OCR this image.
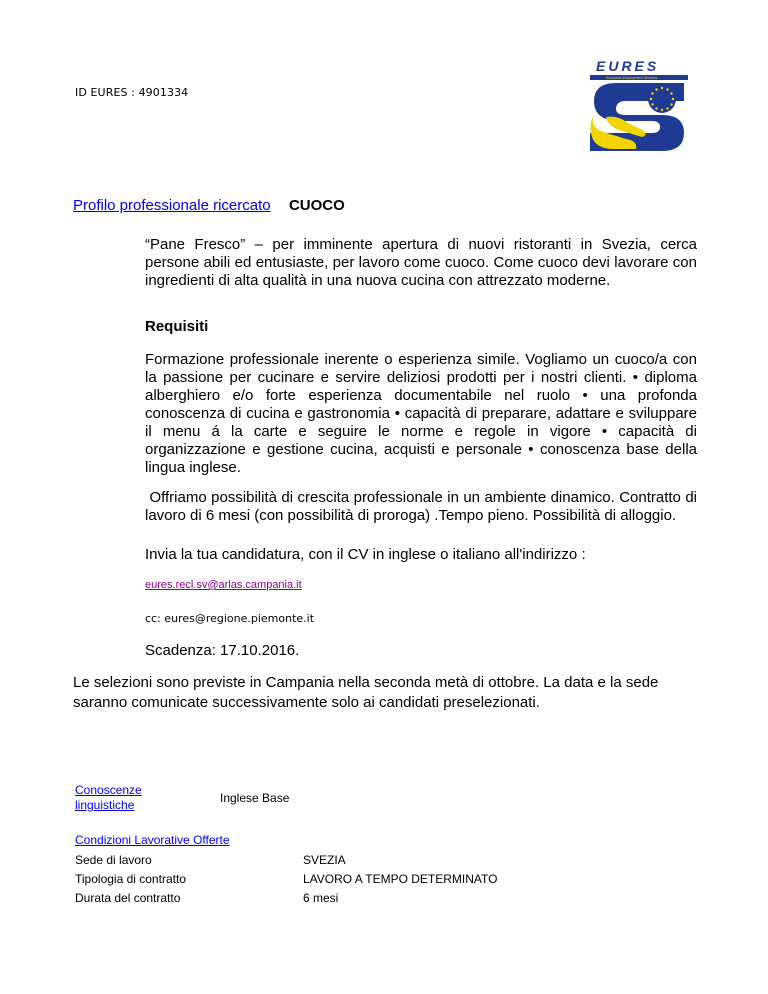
ID EURES : 4901334
EURES
European Employment Services
Profilo professionale ricercato CUOCO
“Pane Fresco” – per imminente apertura di nuovi ristoranti in Svezia, cerca persone abili ed entusiaste, per lavoro come cuoco. Come cuoco devi lavorare con ingredienti di alta qualità in una nuova cucina con attrezzato moderne.
Requisiti
Formazione professionale inerente o esperienza simile. Vogliamo un cuoco/a con la passione per cucinare e servire deliziosi prodotti per i nostri clienti. • diploma alberghiero e/o forte esperienza documentabile nel ruolo • una profonda conoscenza di cucina e gastronomia • capacità di preparare, adattare e sviluppare il menu á la carte e seguire le norme e regole in vigore • capacità di organizzazione e gestione cucina, acquisti e personale • conoscenza base della lingua inglese.
Offriamo possibilità di crescita professionale in un ambiente dinamico. Contratto di lavoro di 6 mesi (con possibilità di proroga) .Tempo pieno. Possibilità di alloggio.
Invia la tua candidatura, con il CV in inglese o italiano all'indirizzo :
eures.recl.sv@arlas.campania.it
cc: eures@regione.piemonte.it
Scadenza: 17.10.2016.
Le selezioni sono previste in Campania nella seconda metà di ottobre. La data e la sede saranno comunicate successivamente solo ai candidati preselezionati.
Conoscenze linguistiche	Inglese Base
Condizioni Lavorative Offerte
Sede di lavoro	SVEZIA
Tipologia di contratto	LAVORO A TEMPO DETERMINATO
Durata del contratto	6 mesi
